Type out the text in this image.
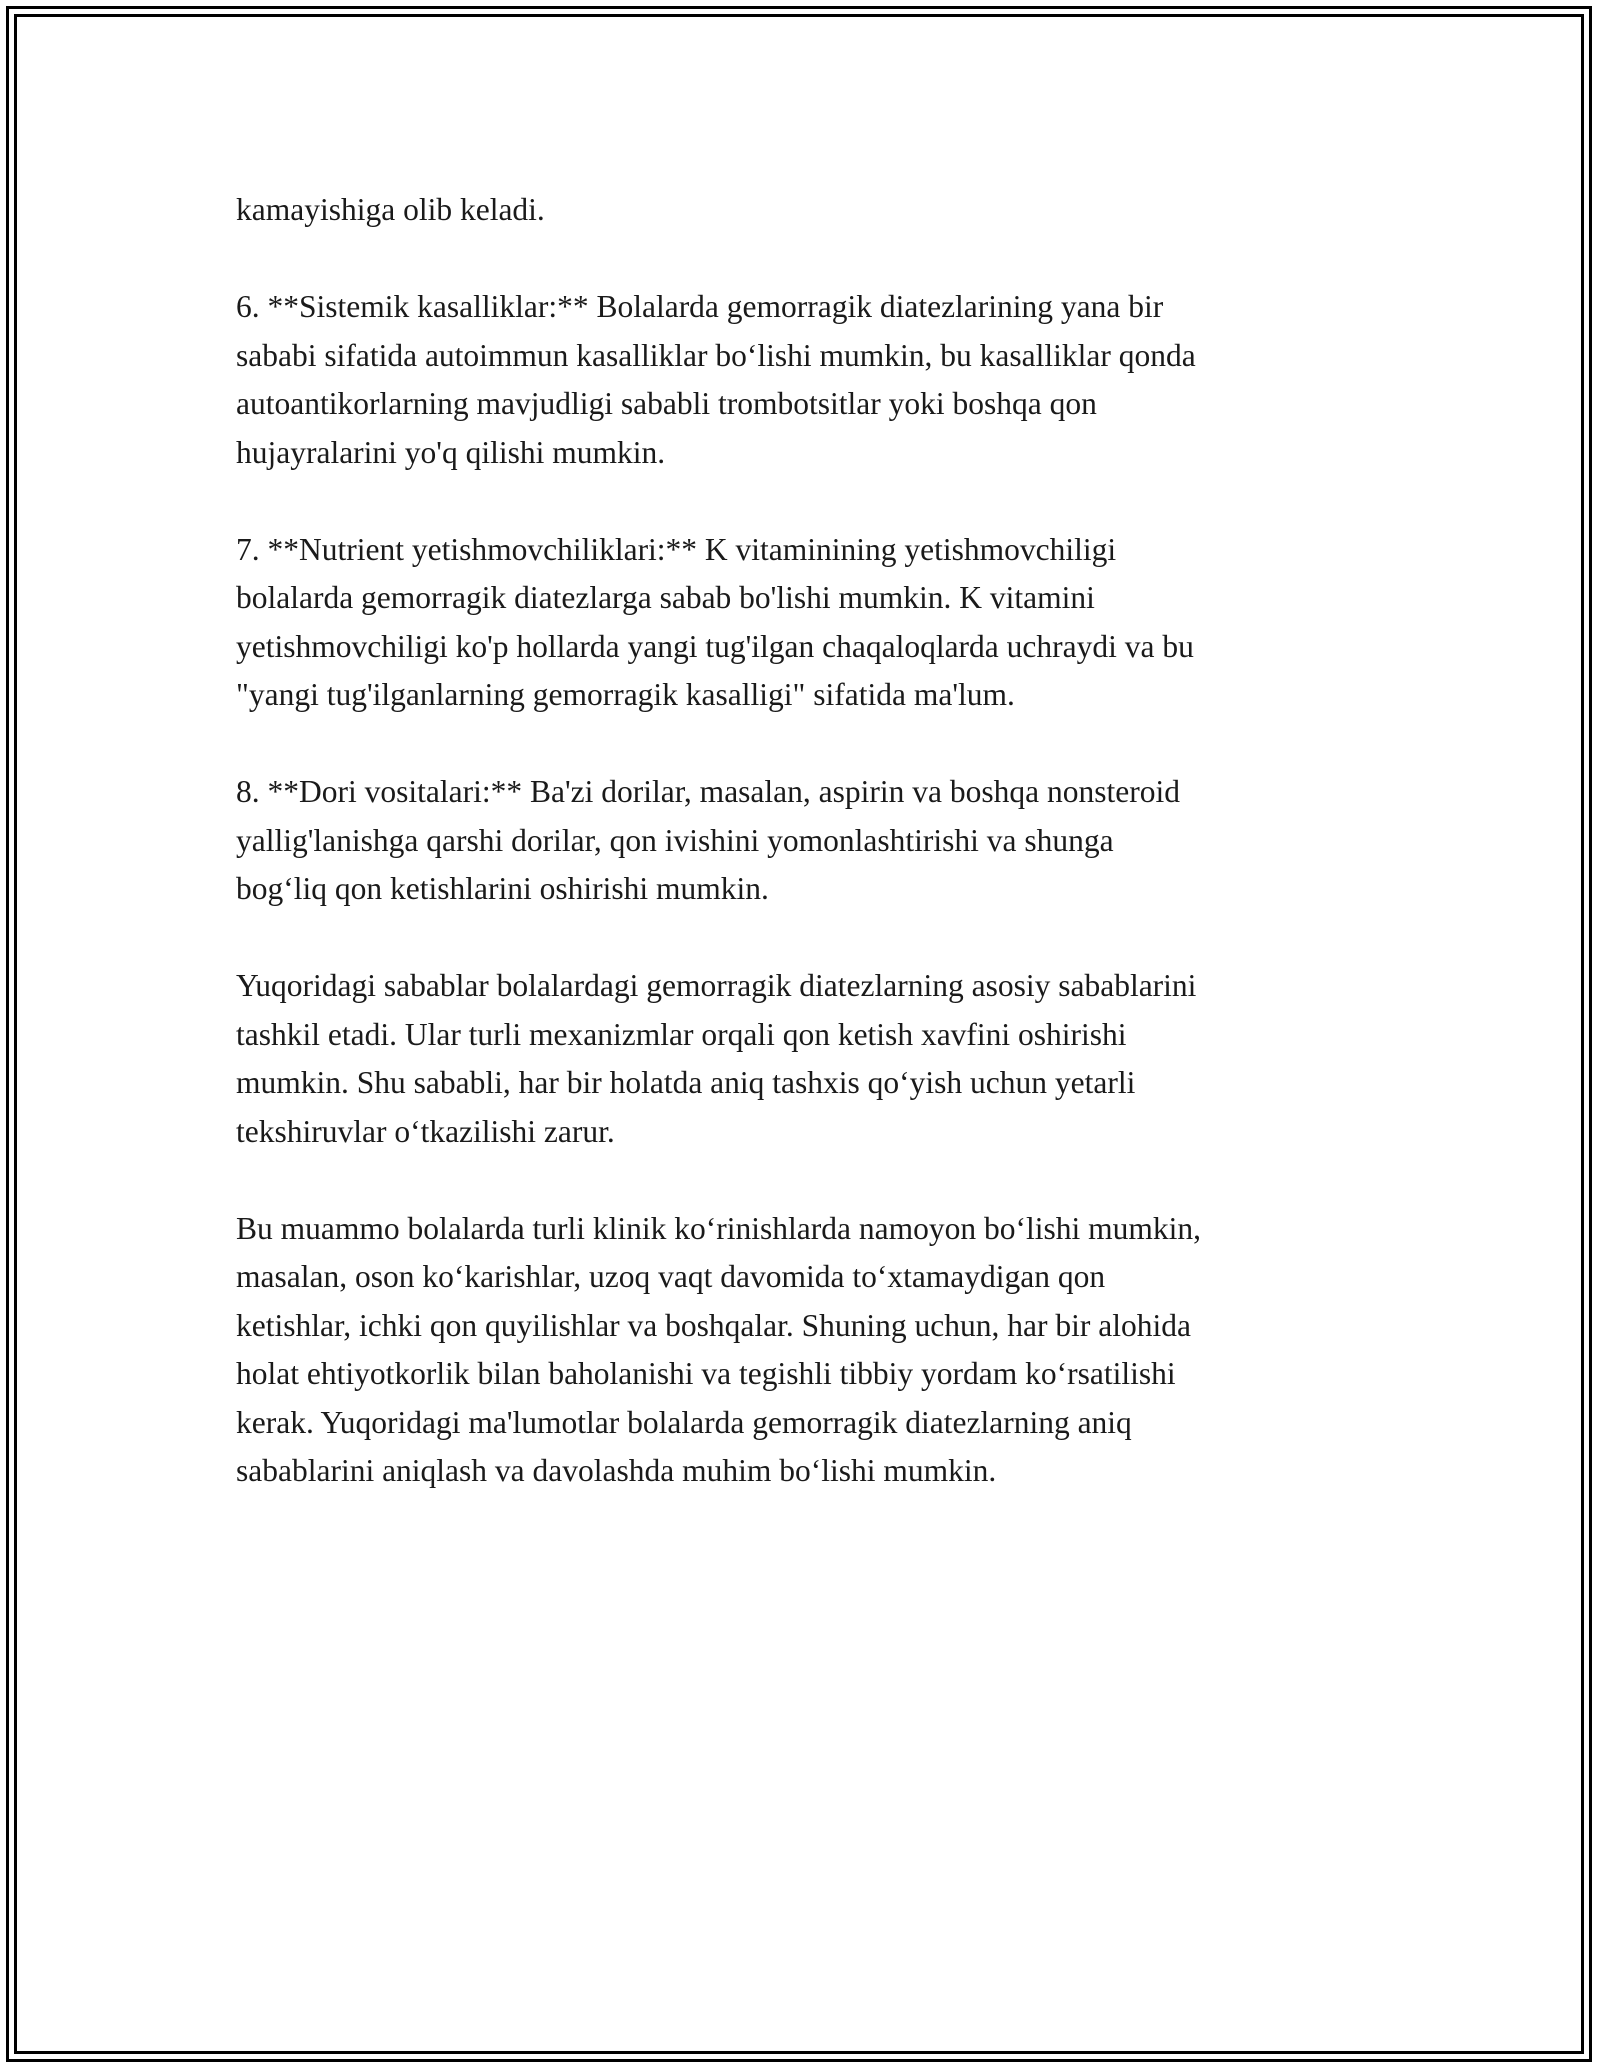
kamayishiga olib keladi.

6. **Sistemik kasalliklar:** Bolalarda gemorragik diatezlarining yana bir
sababi sifatida autoimmun kasalliklar bo‘lishi mumkin, bu kasalliklar qonda
autoantikorlarning mavjudligi sababli trombotsitlar yoki boshqa qon
hujayralarini yo'q qilishi mumkin.

7. **Nutrient yetishmovchiliklari:** K vitaminining yetishmovchiligi
bolalarda gemorragik diatezlarga sabab bo'lishi mumkin. K vitamini
yetishmovchiligi ko'p hollarda yangi tug'ilgan chaqaloqlarda uchraydi va bu
"yangi tug'ilganlarning gemorragik kasalligi" sifatida ma'lum.

8. **Dori vositalari:** Ba'zi dorilar, masalan, aspirin va boshqa nonsteroid
yallig'lanishga qarshi dorilar, qon ivishini yomonlashtirishi va shunga
bog‘liq qon ketishlarini oshirishi mumkin.

Yuqoridagi sabablar bolalardagi gemorragik diatezlarning asosiy sabablarini
tashkil etadi. Ular turli mexanizmlar orqali qon ketish xavfini oshirishi
mumkin. Shu sababli, har bir holatda aniq tashxis qo‘yish uchun yetarli
tekshiruvlar o‘tkazilishi zarur.

Bu muammo bolalarda turli klinik ko‘rinishlarda namoyon bo‘lishi mumkin,
masalan, oson ko‘karishlar, uzoq vaqt davomida to‘xtamaydigan qon
ketishlar, ichki qon quyilishlar va boshqalar. Shuning uchun, har bir alohida
holat ehtiyotkorlik bilan baholanishi va tegishli tibbiy yordam ko‘rsatilishi
kerak. Yuqoridagi ma'lumotlar bolalarda gemorragik diatezlarning aniq
sabablarini aniqlash va davolashda muhim bo‘lishi mumkin.
